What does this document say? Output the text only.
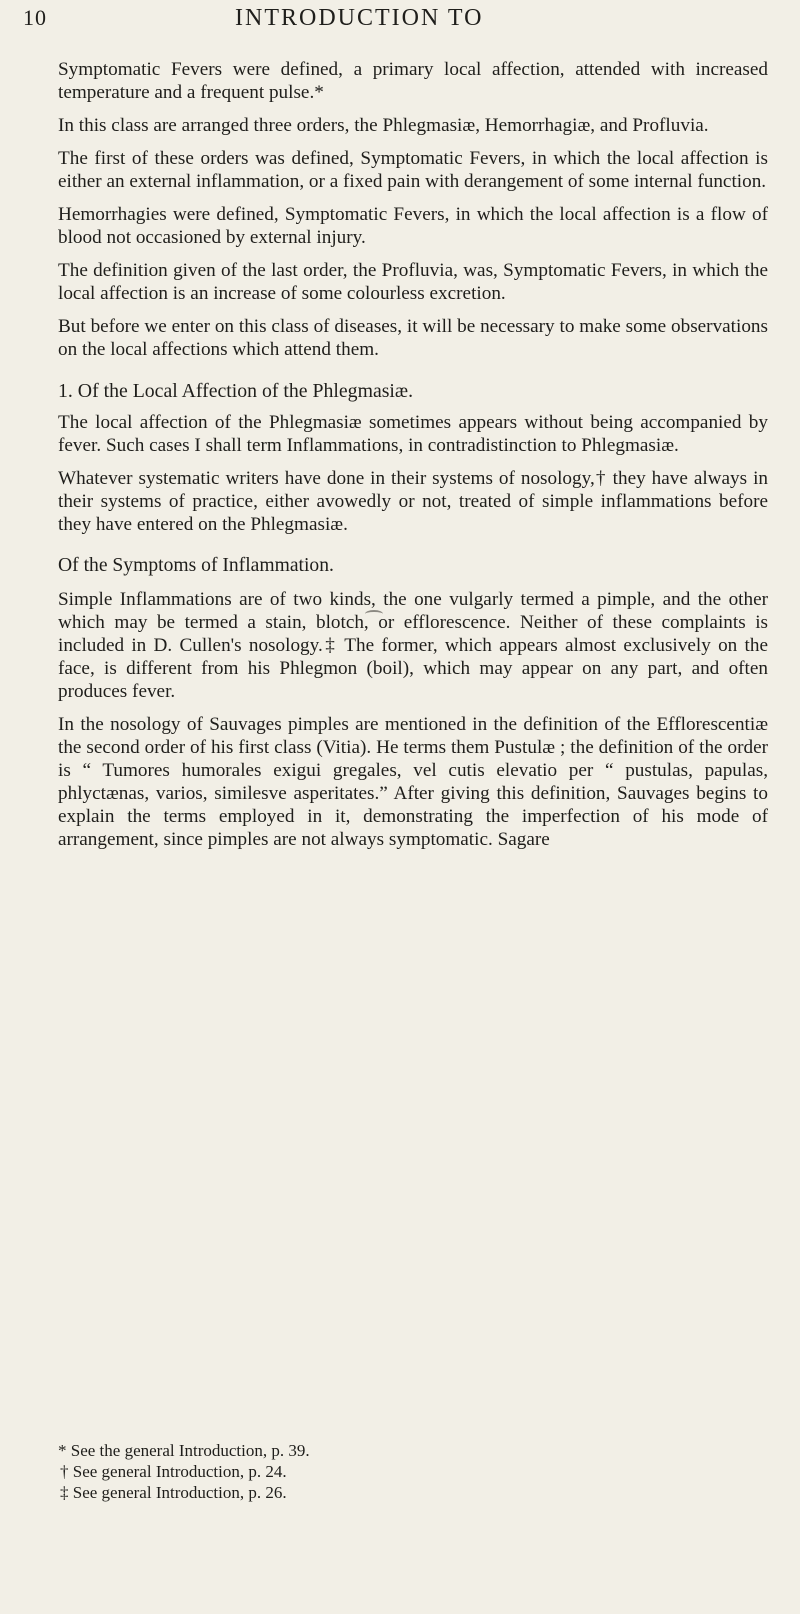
10	INTRODUCTION TO

Symptomatic Fevers were defined, a primary local affection, attended with increased temperature and a frequent pulse.*

In this class are arranged three orders, the Phlegmasiæ, Hemorrhagiæ, and Profluvia.

The first of these orders was defined, Symptomatic Fevers, in which the local affection is either an external inflammation, or a fixed pain with derangement of some internal function.

Hemorrhagies were defined, Symptomatic Fevers, in which the local affection is a flow of blood not occasioned by external injury.

The definition given of the last order, the Profluvia, was, Symptomatic Fevers, in which the local affection is an increase of some colourless excretion.

But before we enter on this class of diseases, it will be necessary to make some observations on the local affections which attend them.

1. Of the Local Affection of the Phlegmasiæ.

The local affection of the Phlegmasiæ sometimes appears without being accompanied by fever. Such cases I shall term Inflammations, in contradistinction to Phlegmasiæ.

Whatever systematic writers have done in their systems of nosology,† they have always in their systems of practice, either avowedly or not, treated of simple inflammations before they have entered on the Phlegmasiæ.

Of the Symptoms of Inflammation.

Simple Inflammations are of two kinds, the one vulgarly termed a pimple, and the other which may be termed a stain, blotch, or efflorescence. Neither of these complaints is included in D. Cullen's nosology.‡ The former, which appears almost exclusively on the face, is different from his Phlegmon (boil), which may appear on any part, and often produces fever.

In the nosology of Sauvages pimples are mentioned in the definition of the Efflorescentiæ the second order of his first class (Vitia). He terms them Pustulæ ; the definition of the order is “ Tumores humorales exigui gregales, vel cutis elevatio per “ pustulas, papulas, phlyctænas, varios, similesve asperitates.” After giving this definition, Sauvages begins to explain the terms employed in it, demonstrating the imperfection of his mode of arrangement, since pimples are not always symptomatic. Sagare

* See the general Introduction, p. 39.

† See general Introduction, p. 24.

‡ See general Introduction, p. 26.
